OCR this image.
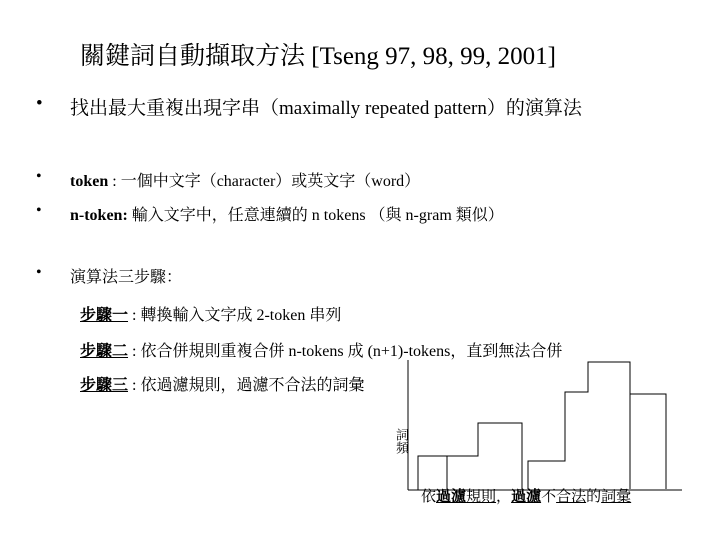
關鍵詞自動擷取方法 [Tseng 97, 98, 99, 2001]
• 找出最大重複出現字串（maximally repeated pattern）的演算法
• token : 一個中文字（character）或英文字（word）
• n-token: 輸入文字中，任意連續的 n tokens （與 n-gram 類似）
• 演算法三步驟：
步驟一 : 轉換輸入文字成 2-token 串列
步驟二 : 依合併規則重複合併 n-tokens 成 (n+1)-tokens，直到無法合併
步驟三 : 依過濾規則，過濾不合法的詞彙
詞頻
依過濾規則，過濾不合法的詞彙
